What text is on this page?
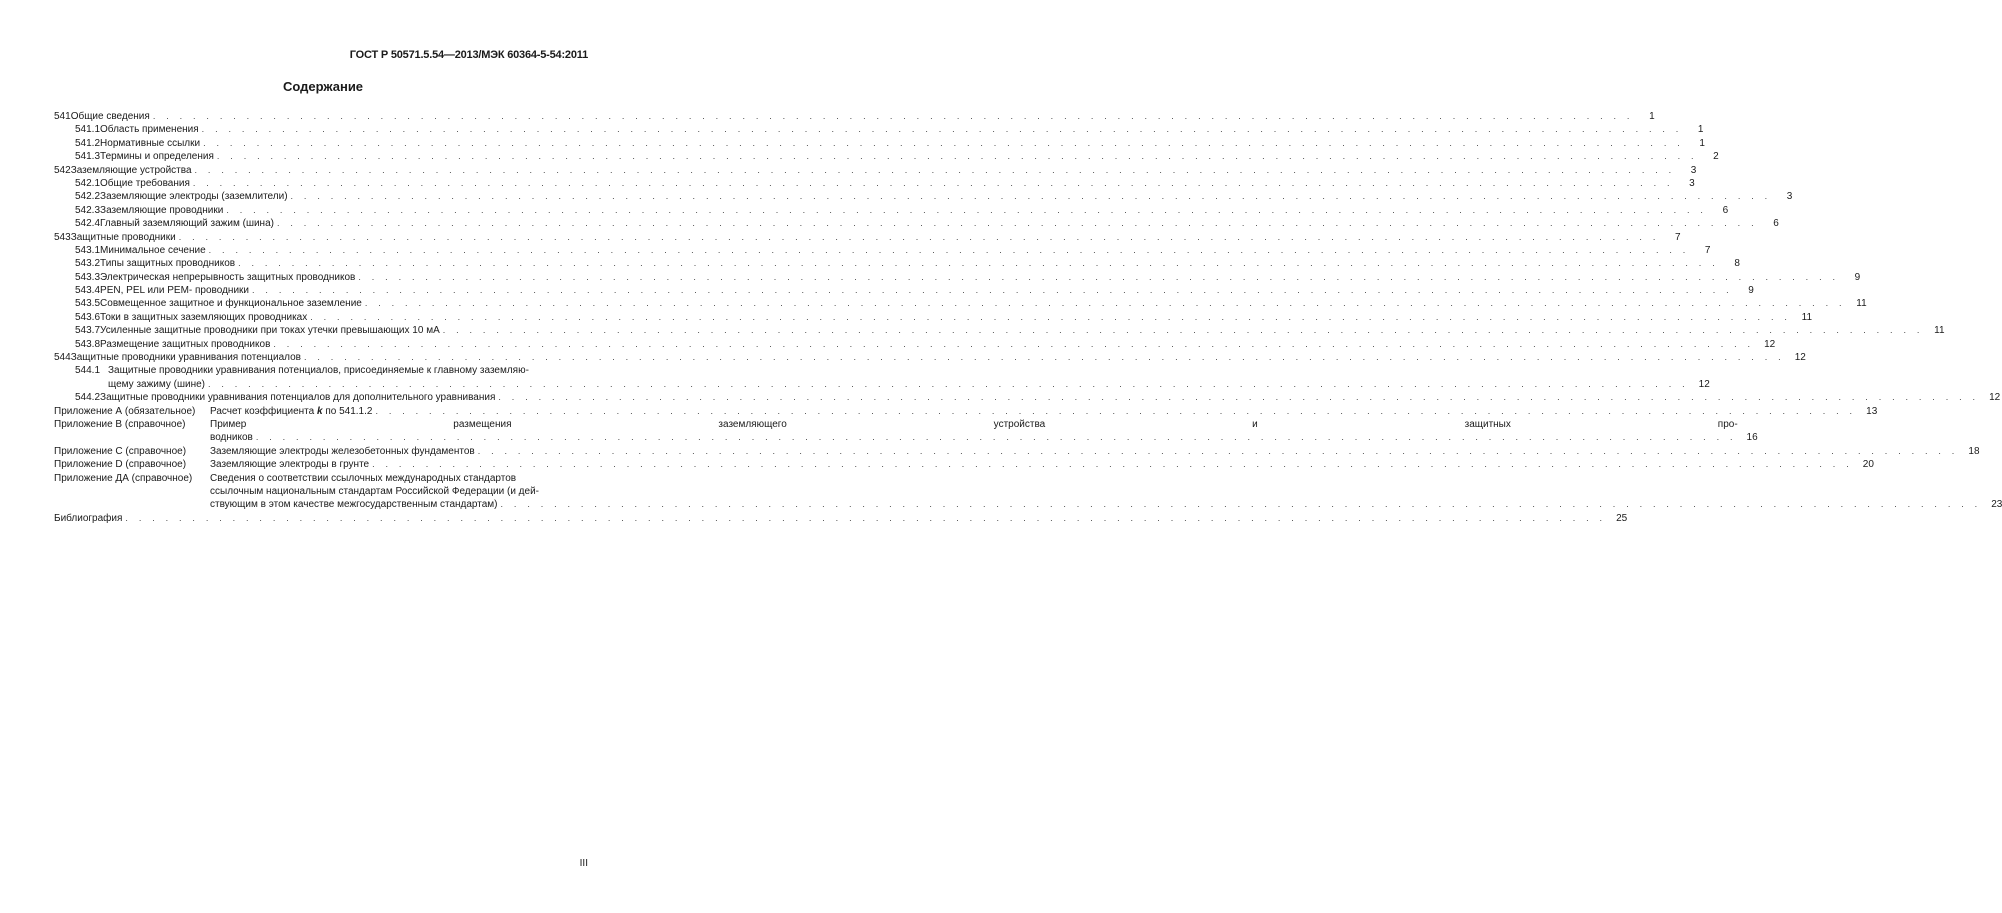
ГОСТ Р 50571.5.54—2013/МЭК 60364-5-54:2011
Содержание
541 Общие сведения . . .	1
541.1 Область применения . . .	1
541.2 Нормативные ссылки . . .	1
541.3 Термины и определения . . .	2
542 Заземляющие устройства . . .	3
542.1 Общие требования . . .	3
542.2 Заземляющие электроды (заземлители) . . .	3
542.3 Заземляющие проводники . . .	6
542.4 Главный заземляющий зажим (шина) . . .	6
543 Защитные проводники . . .	7
543.1 Минимальное сечение . . .	7
543.2 Типы защитных проводников . . .	8
543.3 Электрическая непрерывность защитных проводников . . .	9
543.4 PEN, PEL или PEM- проводники . . .	9
543.5 Совмещенное защитное и функциональное заземление . . .	11
543.6 Токи в защитных заземляющих проводниках . . .	11
543.7 Усиленные защитные проводники при токах утечки превышающих 10 мА . . .	11
543.8 Размещение защитных проводников . . .	12
544 Защитные проводники уравнивания потенциалов . . .	12
544.1 Защитные проводники уравнивания потенциалов, присоединяемые к главному заземляю-
щему зажиму (шине) . . .	12
544.2 Защитные проводники уравнивания потенциалов для дополнительного уравнивания . . .	12
Приложение А (обязательное)	Расчет коэффициента k по 541.1.2 . . .	13
Приложение В (справочное)	Пример размещения заземляющего устройства и защитных про-
водников . . .	16
Приложение С (справочное)	Заземляющие электроды железобетонных фундаментов . . .	18
Приложение D (справочное)	Заземляющие электроды в грунте . . .	20
Приложение ДА (справочное)	Сведения о соответствии ссылочных международных стандартов
ссылочным национальным стандартам Российской Федерации (и дей-
ствующим в этом качестве межгосударственным стандартам) . . .	23
Библиография . . .	25
III
